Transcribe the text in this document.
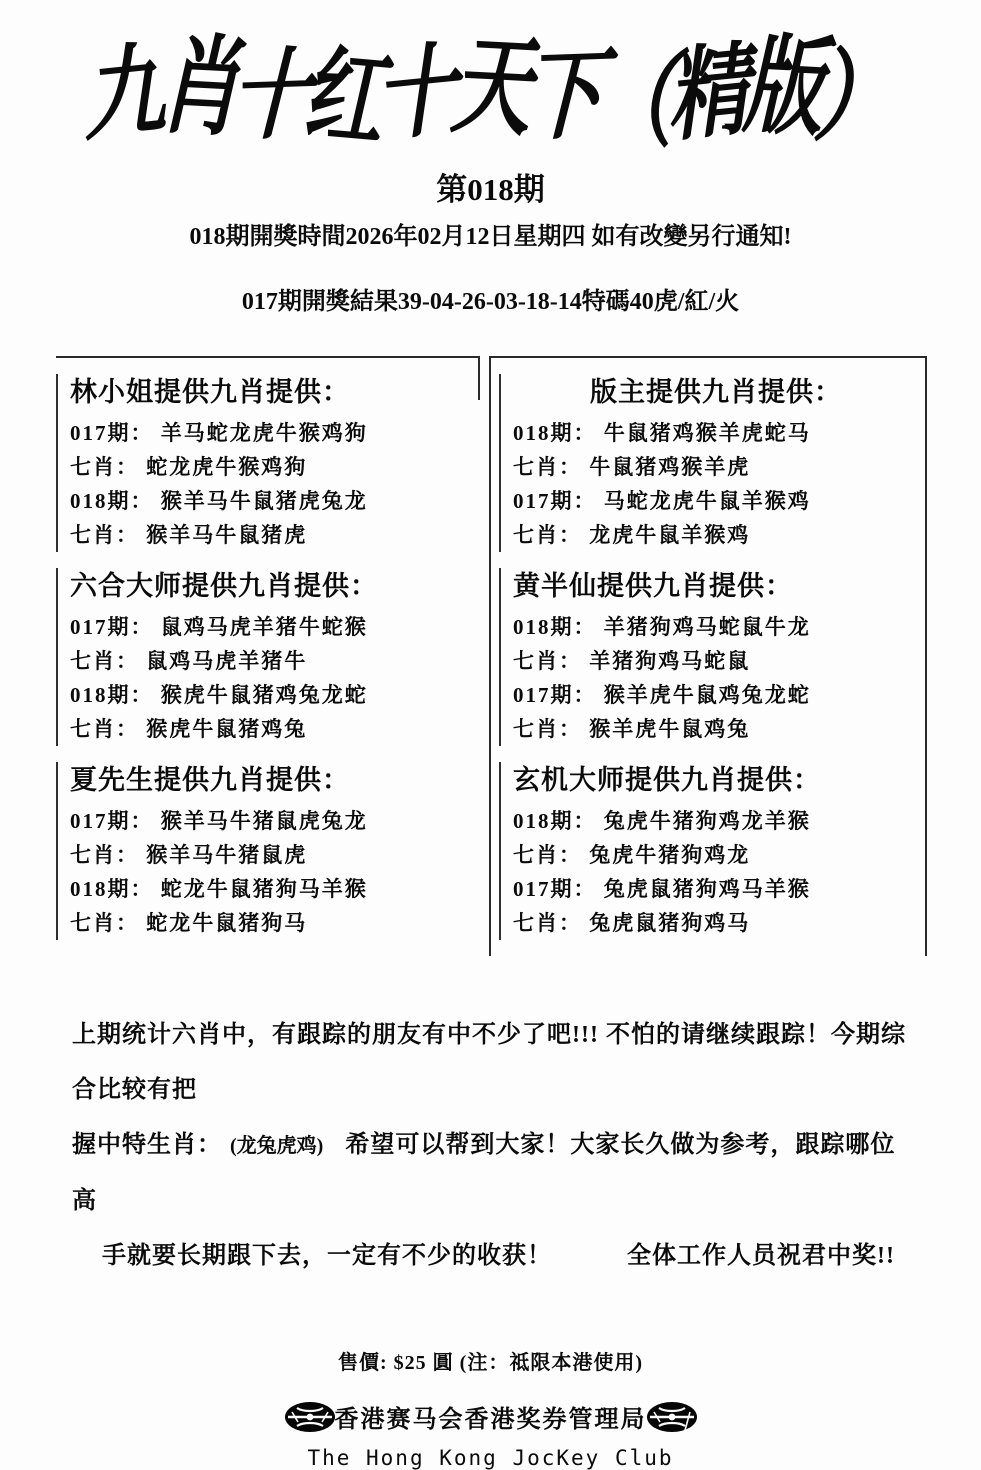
九肖十红十天下（精版）
第018期
018期開獎時間2026年02月12日星期四 如有改變另行通知!
017期開獎結果39-04-26-03-18-14特碼40虎/紅/火
林小姐提供九肖提供：
017期： 羊马蛇龙虎牛猴鸡狗
七肖： 蛇龙虎牛猴鸡狗
018期： 猴羊马牛鼠猪虎兔龙
七肖： 猴羊马牛鼠猪虎
六合大师提供九肖提供：
017期： 鼠鸡马虎羊猪牛蛇猴
七肖： 鼠鸡马虎羊猪牛
018期： 猴虎牛鼠猪鸡兔龙蛇
七肖： 猴虎牛鼠猪鸡兔
夏先生提供九肖提供：
017期： 猴羊马牛猪鼠虎兔龙
七肖： 猴羊马牛猪鼠虎
018期： 蛇龙牛鼠猪狗马羊猴
七肖： 蛇龙牛鼠猪狗马
版主提供九肖提供：
018期： 牛鼠猪鸡猴羊虎蛇马
七肖： 牛鼠猪鸡猴羊虎
017期： 马蛇龙虎牛鼠羊猴鸡
七肖： 龙虎牛鼠羊猴鸡
黄半仙提供九肖提供：
018期： 羊猪狗鸡马蛇鼠牛龙
七肖： 羊猪狗鸡马蛇鼠
017期： 猴羊虎牛鼠鸡兔龙蛇
七肖： 猴羊虎牛鼠鸡兔
玄机大师提供九肖提供：
018期： 兔虎牛猪狗鸡龙羊猴
七肖： 兔虎牛猪狗鸡龙
017期： 兔虎鼠猪狗鸡马羊猴
七肖： 兔虎鼠猪狗鸡马
上期统计六肖中，有跟踪的朋友有中不少了吧!!! 不怕的请继续跟踪！今期综合比较有把
握中特生肖： (龙兔虎鸡) 希望可以帮到大家！大家长久做为参考，跟踪哪位高
手就要长期跟下去，一定有不少的收获！　　　全体工作人员祝君中奖!!
售價: $25 圓 (注：祗限本港使用)
香港赛马会香港奖券管理局
The Hong Kong JocKey Club
